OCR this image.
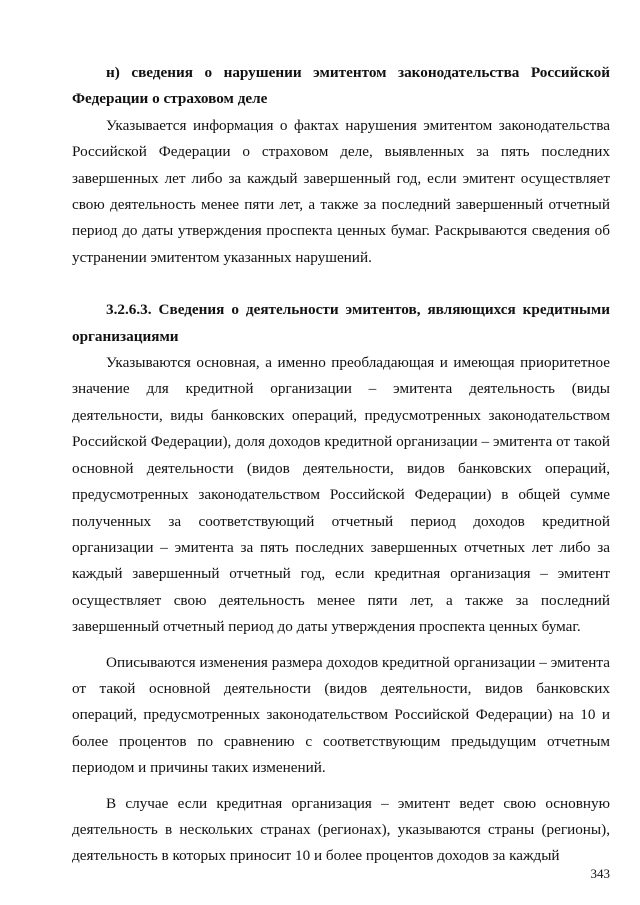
н) сведения о нарушении эмитентом законодательства Российской Федерации о страховом деле

Указывается информация о фактах нарушения эмитентом законодательства Российской Федерации о страховом деле, выявленных за пять последних завершенных лет либо за каждый завершенный год, если эмитент осуществляет свою деятельность менее пяти лет, а также за последний завершенный отчетный период до даты утверждения проспекта ценных бумаг. Раскрываются сведения об устранении эмитентом указанных нарушений.

3.2.6.3. Сведения о деятельности эмитентов, являющихся кредитными организациями

Указываются основная, а именно преобладающая и имеющая приоритетное значение для кредитной организации – эмитента деятельность (виды деятельности, виды банковских операций, предусмотренных законодательством Российской Федерации), доля доходов кредитной организации – эмитента от такой основной деятельности (видов деятельности, видов банковских операций, предусмотренных законодательством Российской Федерации) в общей сумме полученных за соответствующий отчетный период доходов кредитной организации – эмитента за пять последних завершенных отчетных лет либо за каждый завершенный отчетный год, если кредитная организация – эмитент осуществляет свою деятельность менее пяти лет, а также за последний завершенный отчетный период до даты утверждения проспекта ценных бумаг.

Описываются изменения размера доходов кредитной организации – эмитента от такой основной деятельности (видов деятельности, видов банковских операций, предусмотренных законодательством Российской Федерации) на 10 и более процентов по сравнению с соответствующим предыдущим отчетным периодом и причины таких изменений.

В случае если кредитная организация – эмитент ведет свою основную деятельность в нескольких странах (регионах), указываются страны (регионы), деятельность в которых приносит 10 и более процентов доходов за каждый

343
